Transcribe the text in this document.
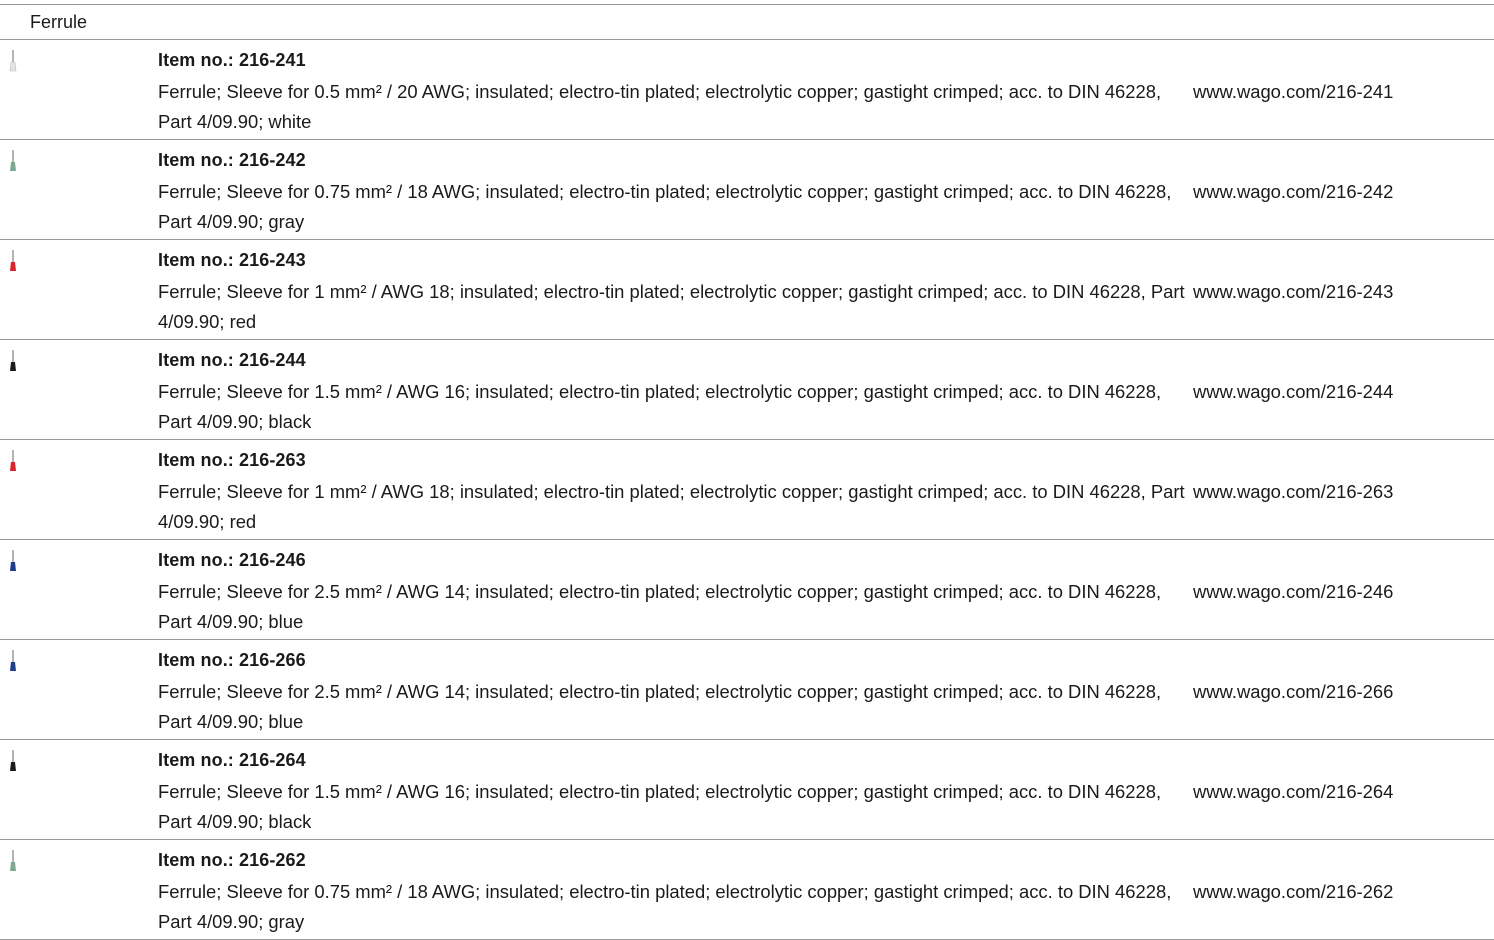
Ferrule
Item no.: 216-241
Ferrule; Sleeve for 0.5 mm² / 20 AWG; insulated; electro-tin plated; electrolytic copper; gastight crimped; acc. to DIN 46228, Part 4/09.90; white
www.wago.com/216-241
Item no.: 216-242
Ferrule; Sleeve for 0.75 mm² / 18 AWG; insulated; electro-tin plated; electrolytic copper; gastight crimped; acc. to DIN 46228, Part 4/09.90; gray
www.wago.com/216-242
Item no.: 216-243
Ferrule; Sleeve for 1 mm² / AWG 18; insulated; electro-tin plated; electrolytic copper; gastight crimped; acc. to DIN 46228, Part 4/09.90; red
www.wago.com/216-243
Item no.: 216-244
Ferrule; Sleeve for 1.5 mm² / AWG 16; insulated; electro-tin plated; electrolytic copper; gastight crimped; acc. to DIN 46228, Part 4/09.90; black
www.wago.com/216-244
Item no.: 216-263
Ferrule; Sleeve for 1 mm² / AWG 18; insulated; electro-tin plated; electrolytic copper; gastight crimped; acc. to DIN 46228, Part 4/09.90; red
www.wago.com/216-263
Item no.: 216-246
Ferrule; Sleeve for 2.5 mm² / AWG 14; insulated; electro-tin plated; electrolytic copper; gastight crimped; acc. to DIN 46228, Part 4/09.90; blue
www.wago.com/216-246
Item no.: 216-266
Ferrule; Sleeve for 2.5 mm² / AWG 14; insulated; electro-tin plated; electrolytic copper; gastight crimped; acc. to DIN 46228, Part 4/09.90; blue
www.wago.com/216-266
Item no.: 216-264
Ferrule; Sleeve for 1.5 mm² / AWG 16; insulated; electro-tin plated; electrolytic copper; gastight crimped; acc. to DIN 46228, Part 4/09.90; black
www.wago.com/216-264
Item no.: 216-262
Ferrule; Sleeve for 0.75 mm² / 18 AWG; insulated; electro-tin plated; electrolytic copper; gastight crimped; acc. to DIN 46228, Part 4/09.90; gray
www.wago.com/216-262
